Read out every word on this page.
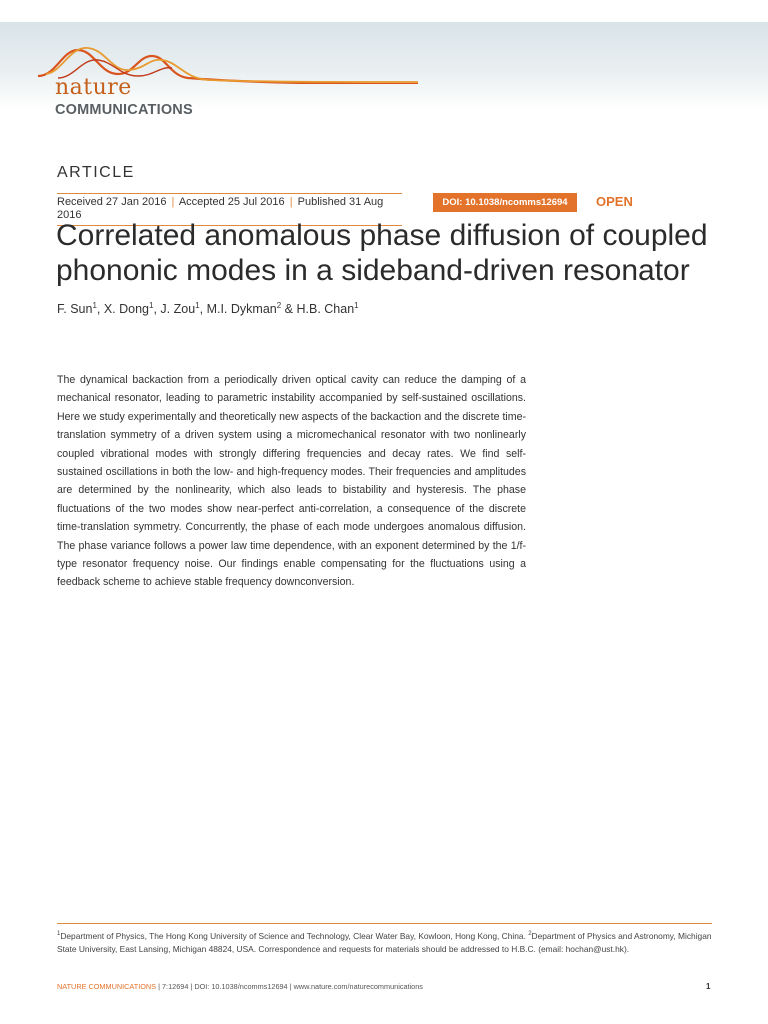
nature
COMMUNICATIONS
ARTICLE
Received 27 Jan 2016 | Accepted 25 Jul 2016 | Published 31 Aug 2016
DOI: 10.1038/ncomms12694	OPEN
Correlated anomalous phase diffusion of coupled phononic modes in a sideband-driven resonator
F. Sun$^1$, X. Dong$^1$, J. Zou$^1$, M.I. Dykman$^2$ & H.B. Chan$^1$

The dynamical backaction from a periodically driven optical cavity can reduce the damping of a mechanical resonator, leading to parametric instability accompanied by self-sustained oscillations. Here we study experimentally and theoretically new aspects of the backaction and the discrete time-translation symmetry of a driven system using a micromechanical resonator with two nonlinearly coupled vibrational modes with strongly differing frequencies and decay rates. We find self-sustained oscillations in both the low- and high-frequency modes. Their frequencies and amplitudes are determined by the nonlinearity, which also leads to bistability and hysteresis. The phase fluctuations of the two modes show near-perfect anti-correlation, a consequence of the discrete time-translation symmetry. Concurrently, the phase of each mode undergoes anomalous diffusion. The phase variance follows a power law time dependence, with an exponent determined by the 1/f-type resonator frequency noise. Our findings enable compensating for the fluctuations using a feedback scheme to achieve stable frequency downconversion.

$^1$Department of Physics, The Hong Kong University of Science and Technology, Clear Water Bay, Kowloon, Hong Kong, China. $^2$Department of Physics and Astronomy, Michigan State University, East Lansing, Michigan 48824, USA. Correspondence and requests for materials should be addressed to H.B.C. (email: hochan@ust.hk).

NATURE COMMUNICATIONS | 7:12694 | DOI: 10.1038/ncomms12694 | www.nature.com/naturecommunications	1
